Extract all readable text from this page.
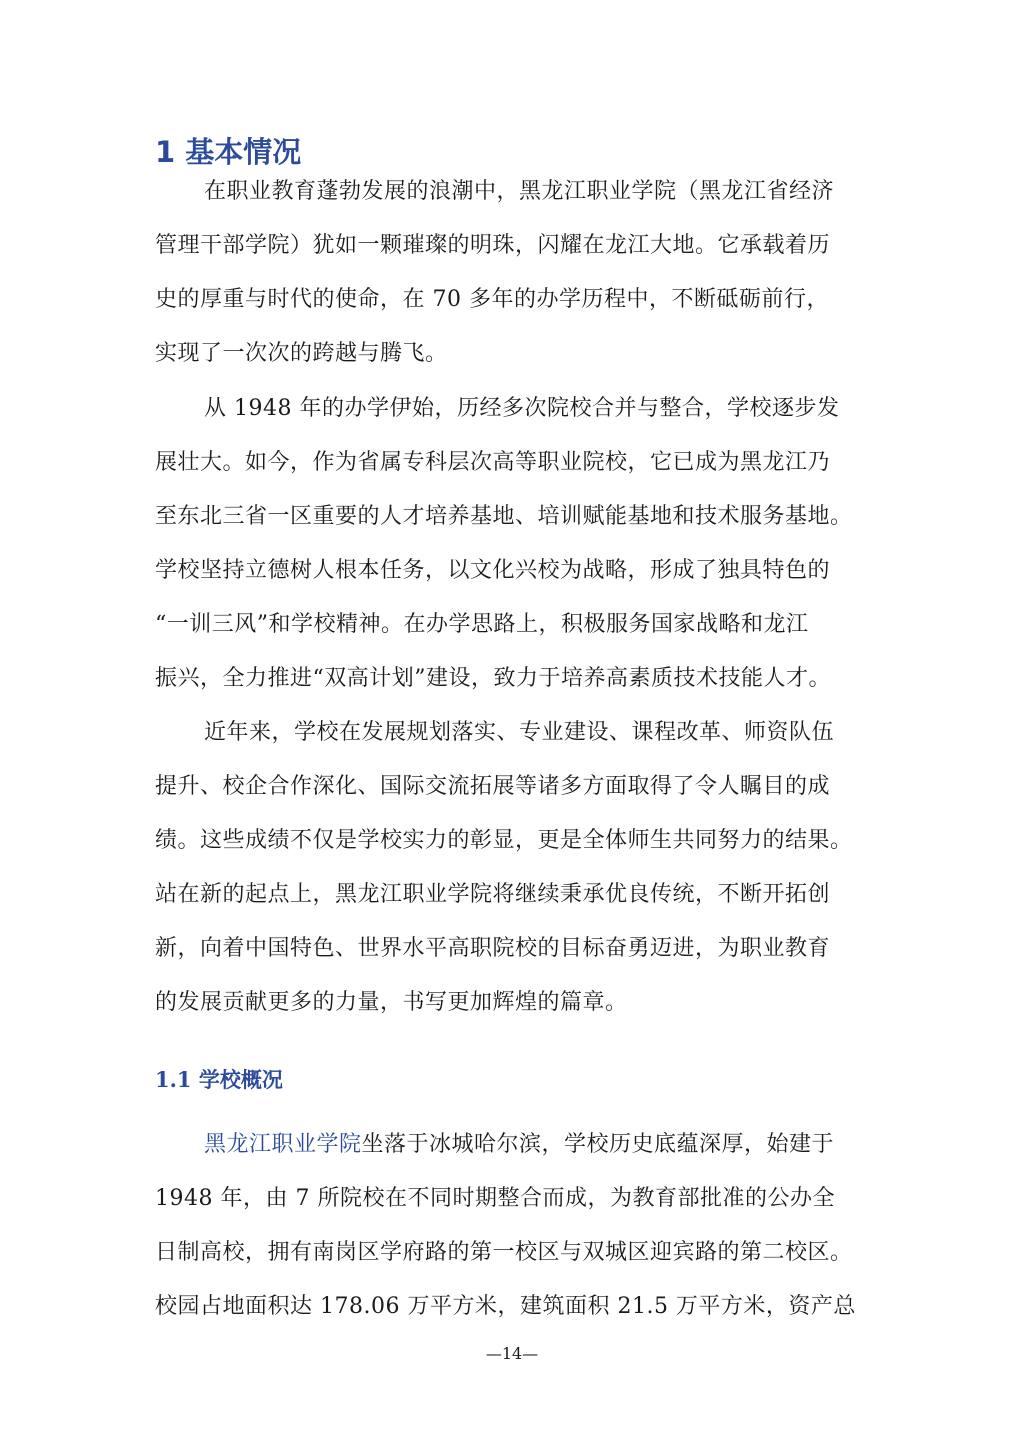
1 基本情况
在职业教育蓬勃发展的浪潮中，黑龙江职业学院（黑龙江省经济
管理干部学院）犹如一颗璀璨的明珠，闪耀在龙江大地。它承载着历
史的厚重与时代的使命，在 70 多年的办学历程中，不断砥砺前行，
实现了一次次的跨越与腾飞。
从 1948 年的办学伊始，历经多次院校合并与整合，学校逐步发
展壮大。如今，作为省属专科层次高等职业院校，它已成为黑龙江乃
至东北三省一区重要的人才培养基地、培训赋能基地和技术服务基地。
学校坚持立德树人根本任务，以文化兴校为战略，形成了独具特色的
“一训三风”和学校精神。在办学思路上，积极服务国家战略和龙江
振兴，全力推进“双高计划”建设，致力于培养高素质技术技能人才。
近年来，学校在发展规划落实、专业建设、课程改革、师资队伍
提升、校企合作深化、国际交流拓展等诸多方面取得了令人瞩目的成
绩。这些成绩不仅是学校实力的彰显，更是全体师生共同努力的结果。
站在新的起点上，黑龙江职业学院将继续秉承优良传统，不断开拓创
新，向着中国特色、世界水平高职院校的目标奋勇迈进，为职业教育
的发展贡献更多的力量，书写更加辉煌的篇章。
1.1 学校概况
黑龙江职业学院坐落于冰城哈尔滨，学校历史底蕴深厚，始建于
1948 年，由 7 所院校在不同时期整合而成，为教育部批准的公办全
日制高校，拥有南岗区学府路的第一校区与双城区迎宾路的第二校区。
校园占地面积达 178.06 万平方米，建筑面积 21.5 万平方米，资产总
—14—
